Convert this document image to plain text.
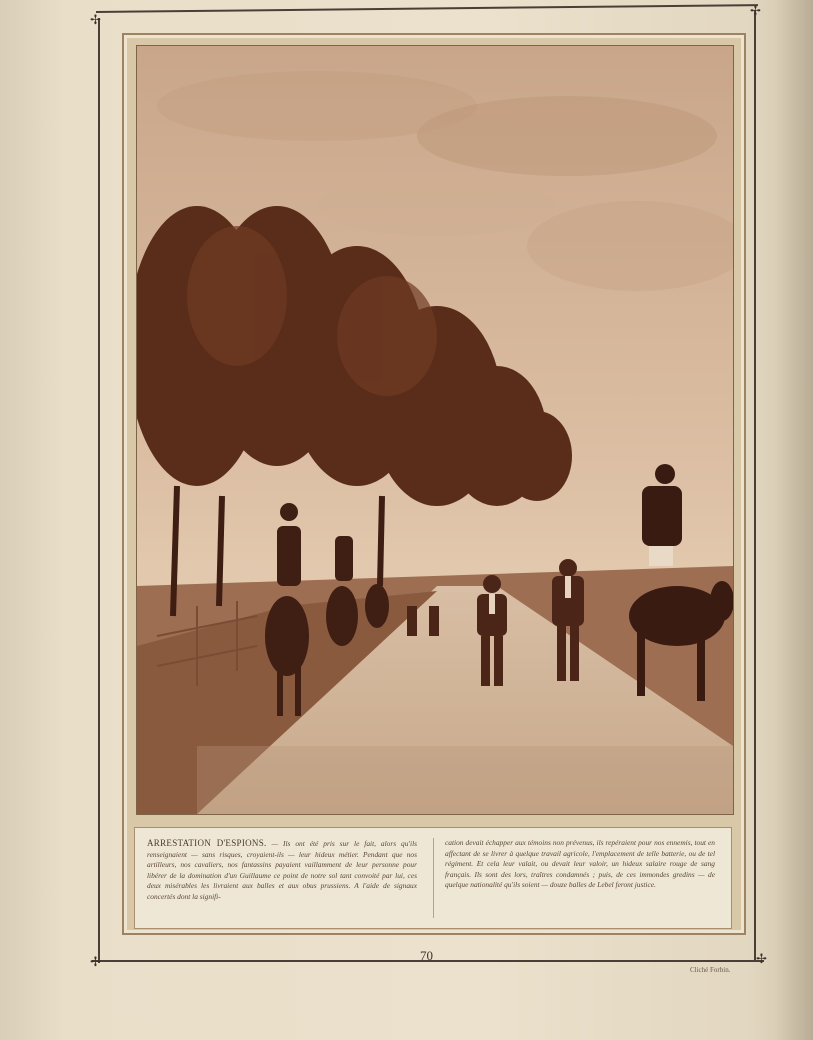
✢
✢
✢	✢
ARRESTATION D'ESPIONS. — Ils ont été pris sur le fait, alors qu'ils renseignaient — sans risques, croyaient-ils — leur hideux métier. Pendant que nos artilleurs, nos cavaliers, nos fantassins payaient vaillamment de leur personne pour libérer de la domination d'un Guillaume ce point de notre sol tant convoité par lui, ces deux misérables les livraient aux balles et aux obus prussiens. A l'aide de signaux concertés dont la signifi-
cation devait échapper aux témoins non prévenus, ils repéraient pour nos ennemis, tout en affectant de se livrer à quelque travail agricole, l'emplacement de telle batterie, ou de tel régiment. Et cela leur valait, ou devait leur valoir, un hideux salaire rouge de sang français. Ils sont des lors, traîtres condamnés ; puis, de ces immondes gredins — de quelque nationalité qu'ils soient — douze balles de Lebel feront justice.
70
Cliché Forbin.
